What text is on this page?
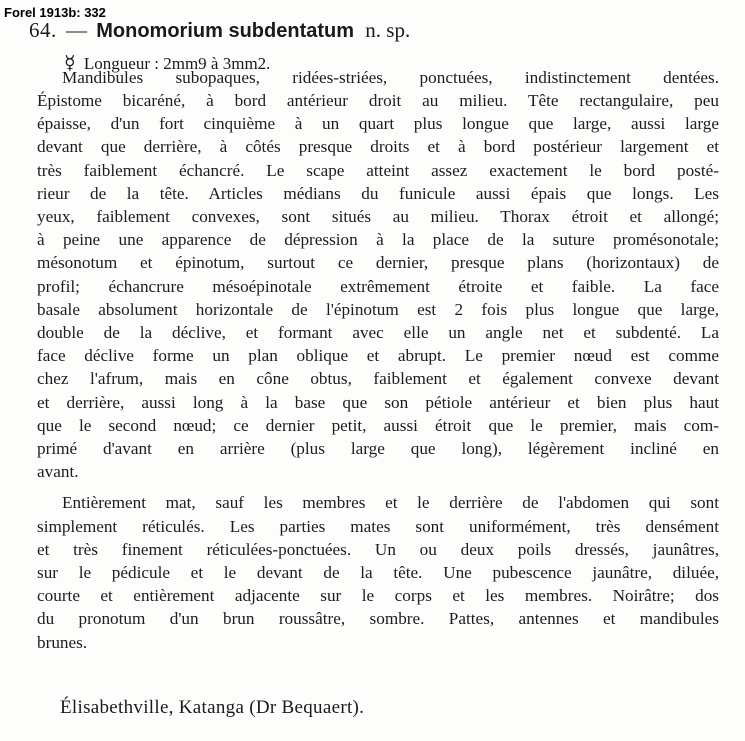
Forel 1913b: 332
64. — Monomorium subdentatum n. sp.
☿ Longueur : 2mm9 à 3mm2.
Mandibules subopaques, ridées-striées, ponctuées, indistinctement dentées.
Épistome bicaréné, à bord antérieur droit au milieu. Tête rectangulaire, peu
épaisse, d'un fort cinquième à un quart plus longue que large, aussi large
devant que derrière, à côtés presque droits et à bord postérieur largement et
très faiblement échancré. Le scape atteint assez exactement le bord posté-
rieur de la tête. Articles médians du funicule aussi épais que longs. Les
yeux, faiblement convexes, sont situés au milieu. Thorax étroit et allongé;
à peine une apparence de dépression à la place de la suture promésonotale;
mésonotum et épinotum, surtout ce dernier, presque plans (horizontaux) de
profil; échancrure mésoépinotale extrêmement étroite et faible. La face
basale absolument horizontale de l'épinotum est 2 fois plus longue que large,
double de la déclive, et formant avec elle un angle net et subdenté. La
face déclive forme un plan oblique et abrupt. Le premier nœud est comme
chez l'afrum, mais en cône obtus, faiblement et également convexe devant
et derrière, aussi long à la base que son pétiole antérieur et bien plus haut
que le second nœud; ce dernier petit, aussi étroit que le premier, mais com-
primé d'avant en arrière (plus large que long), légèrement incliné en
avant.
Entièrement mat, sauf les membres et le derrière de l'abdomen qui sont
simplement réticulés. Les parties mates sont uniformément, très densément
et très finement réticulées-ponctuées. Un ou deux poils dressés, jaunâtres,
sur le pédicule et le devant de la tête. Une pubescence jaunâtre, diluée,
courte et entièrement adjacente sur le corps et les membres. Noirâtre; dos
du pronotum d'un brun roussâtre, sombre. Pattes, antennes et mandibules
brunes.
Élisabethville, Katanga (Dr Bequaert).
